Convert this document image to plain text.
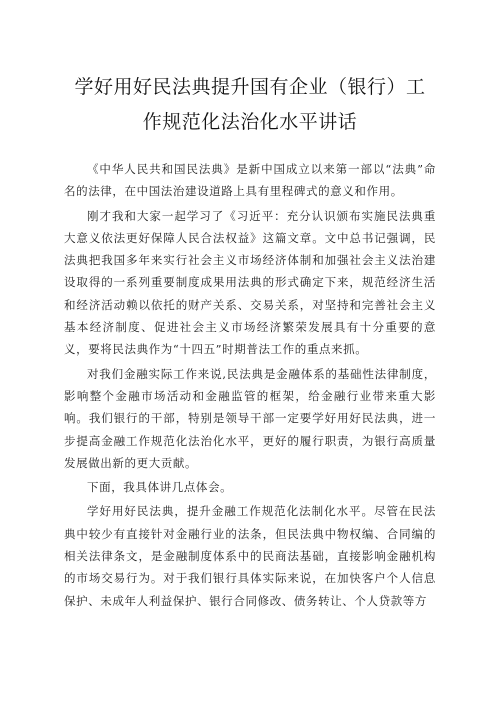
学好用好民法典提升国有企业（银行）工
作规范化法治化水平讲话

《中华人民共和国民法典》是新中国成立以来第一部以“法典”命名的法律，在中国法治建设道路上具有里程碑式的意义和作用。

刚才我和大家一起学习了《习近平：充分认识颁布实施民法典重大意义依法更好保障人民合法权益》这篇文章。文中总书记强调，民法典把我国多年来实行社会主义市场经济体制和加强社会主义法治建设取得的一系列重要制度成果用法典的形式确定下来，规范经济生活和经济活动赖以依托的财产关系、交易关系，对坚持和完善社会主义基本经济制度、促进社会主义市场经济繁荣发展具有十分重要的意义，要将民法典作为“十四五”时期普法工作的重点来抓。

对我们金融实际工作来说,民法典是金融体系的基础性法律制度，影响整个金融市场活动和金融监管的框架，给金融行业带来重大影响。我们银行的干部，特别是领导干部一定要学好用好民法典，进一步提高金融工作规范化法治化水平，更好的履行职责，为银行高质量发展做出新的更大贡献。

下面，我具体讲几点体会。

学好用好民法典，提升金融工作规范化法制化水平。尽管在民法典中较少有直接针对金融行业的法条，但民法典中物权编、合同编的相关法律条文，是金融制度体系中的民商法基础，直接影响金融机构的市场交易行为。对于我们银行具体实际来说，在加快客户个人信息保护、未成年人利益保护、银行合同修改、债务转让、个人贷款等方
